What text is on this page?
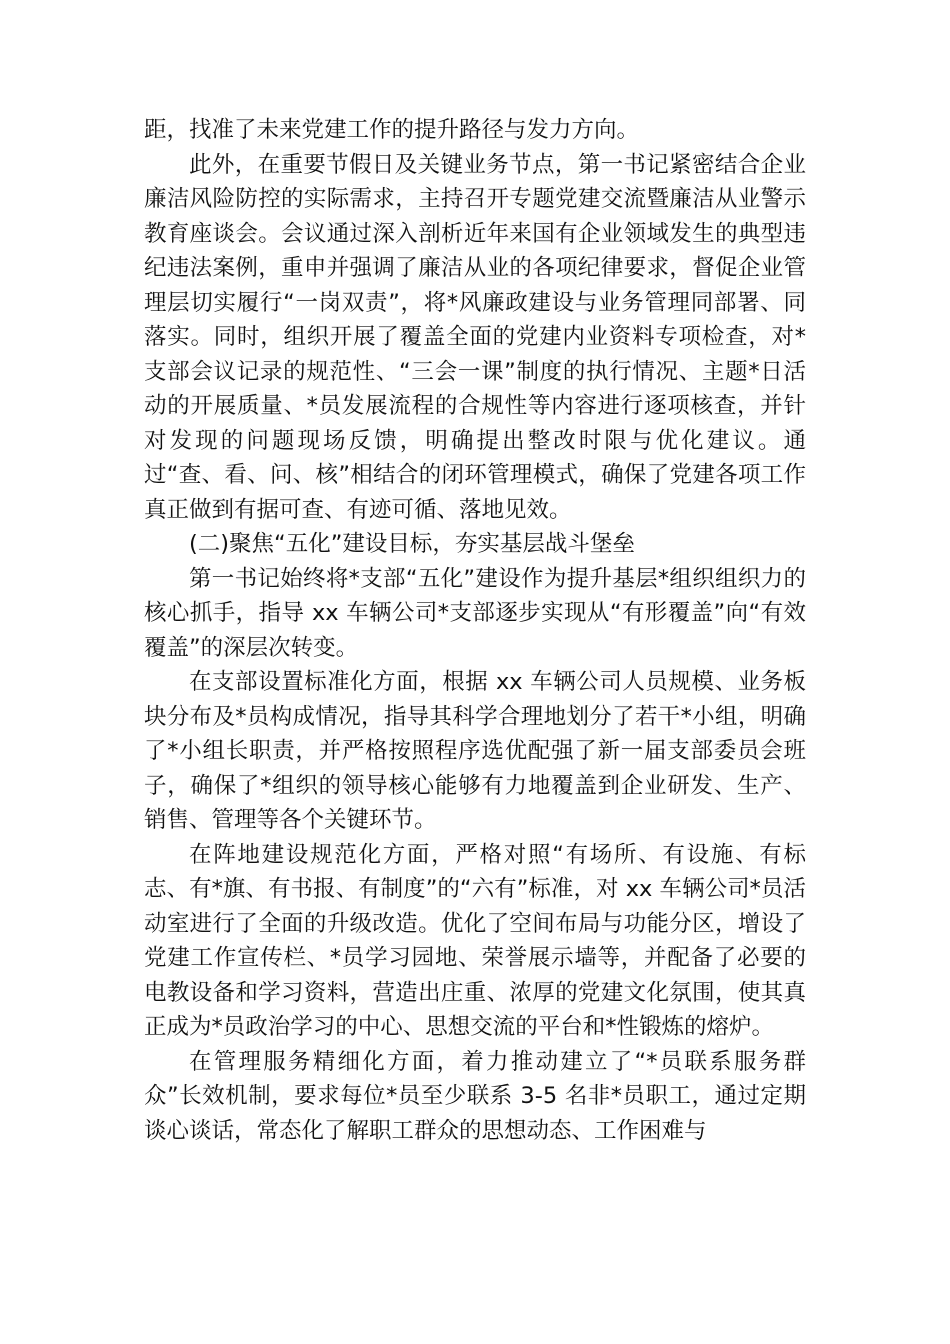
距，找准了未来党建工作的提升路径与发力方向。

此外，在重要节假日及关键业务节点，第一书记紧密结合企业廉洁风险防控的实际需求，主持召开专题党建交流暨廉洁从业警示教育座谈会。会议通过深入剖析近年来国有企业领域发生的典型违纪违法案例，重申并强调了廉洁从业的各项纪律要求，督促企业管理层切实履行“一岗双责”，将*风廉政建设与业务管理同部署、同落实。同时，组织开展了覆盖全面的党建内业资料专项检查，对*支部会议记录的规范性、“三会一课”制度的执行情况、主题*日活动的开展质量、*员发展流程的合规性等内容进行逐项核查，并针对发现的问题现场反馈，明确提出整改时限与优化建议。通过“查、看、问、核”相结合的闭环管理模式，确保了党建各项工作真正做到有据可查、有迹可循、落地见效。

(二)聚焦“五化”建设目标，夯实基层战斗堡垒

第一书记始终将*支部“五化”建设作为提升基层*组织组织力的核心抓手，指导 xx 车辆公司*支部逐步实现从“有形覆盖”向“有效覆盖”的深层次转变。

在支部设置标准化方面，根据 xx 车辆公司人员规模、业务板块分布及*员构成情况，指导其科学合理地划分了若干*小组，明确了*小组长职责，并严格按照程序选优配强了新一届支部委员会班子，确保了*组织的领导核心能够有力地覆盖到企业研发、生产、销售、管理等各个关键环节。

在阵地建设规范化方面，严格对照“有场所、有设施、有标志、有*旗、有书报、有制度”的“六有”标准，对 xx 车辆公司*员活动室进行了全面的升级改造。优化了空间布局与功能分区，增设了党建工作宣传栏、*员学习园地、荣誉展示墙等，并配备了必要的电教设备和学习资料，营造出庄重、浓厚的党建文化氛围，使其真正成为*员政治学习的中心、思想交流的平台和*性锻炼的熔炉。

在管理服务精细化方面，着力推动建立了“*员联系服务群众”长效机制，要求每位*员至少联系 3-5 名非*员职工，通过定期谈心谈话，常态化了解职工群众的思想动态、工作困难与
